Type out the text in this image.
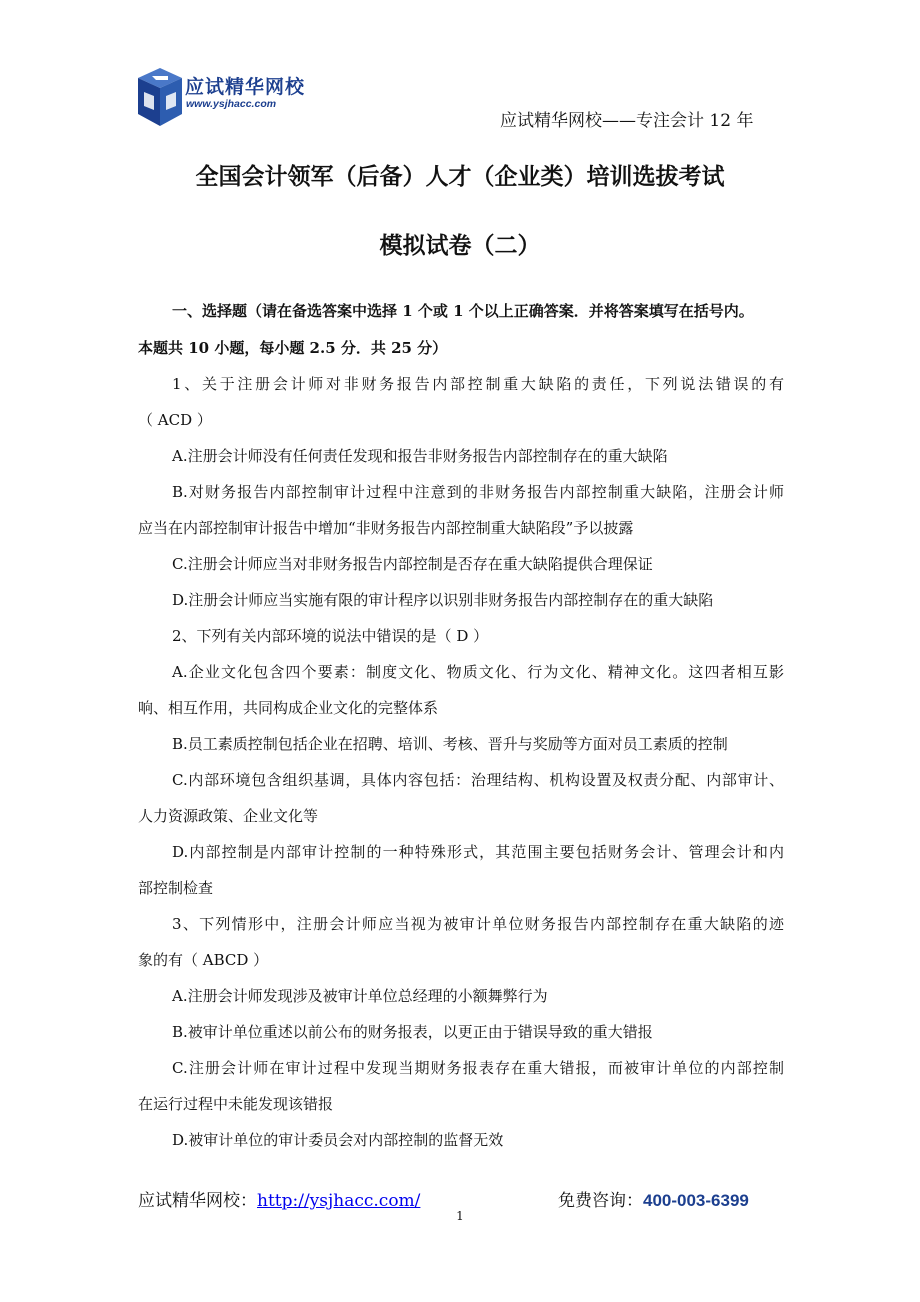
应试精华网校
www.ysjhacc.com
应试精华网校——专注会计 12 年
全国会计领军（后备）人才（企业类）培训选拔考试
模拟试卷（二）
一、选择题（请在备选答案中选择 1 个或 1 个以上正确答案．并将答案填写在括号内。
本题共 10 小题，每小题 2.5 分．共 25 分）
1、关于注册会计师对非财务报告内部控制重大缺陷的责任，下列说法错误的有
（ ACD ）
A.注册会计师没有任何责任发现和报告非财务报告内部控制存在的重大缺陷
B.对财务报告内部控制审计过程中注意到的非财务报告内部控制重大缺陷，注册会计师
应当在内部控制审计报告中增加“非财务报告内部控制重大缺陷段”予以披露
C.注册会计师应当对非财务报告内部控制是否存在重大缺陷提供合理保证
D.注册会计师应当实施有限的审计程序以识别非财务报告内部控制存在的重大缺陷
2、下列有关内部环境的说法中错误的是（ D ）
A.企业文化包含四个要素：制度文化、物质文化、行为文化、精神文化。这四者相互影
响、相互作用，共同构成企业文化的完整体系
B.员工素质控制包括企业在招聘、培训、考核、晋升与奖励等方面对员工素质的控制
C.内部环境包含组织基调，具体内容包括：治理结构、机构设置及权责分配、内部审计、
人力资源政策、企业文化等
D.内部控制是内部审计控制的一种特殊形式，其范围主要包括财务会计、管理会计和内
部控制检查
3、下列情形中，注册会计师应当视为被审计单位财务报告内部控制存在重大缺陷的迹
象的有（ ABCD ）
A.注册会计师发现涉及被审计单位总经理的小额舞弊行为
B.被审计单位重述以前公布的财务报表，以更正由于错误导致的重大错报
C.注册会计师在审计过程中发现当期财务报表存在重大错报，而被审计单位的内部控制
在运行过程中未能发现该错报
D.被审计单位的审计委员会对内部控制的监督无效
应试精华网校：http://ysjhacc.com/	免费咨询：400-003-6399
1
